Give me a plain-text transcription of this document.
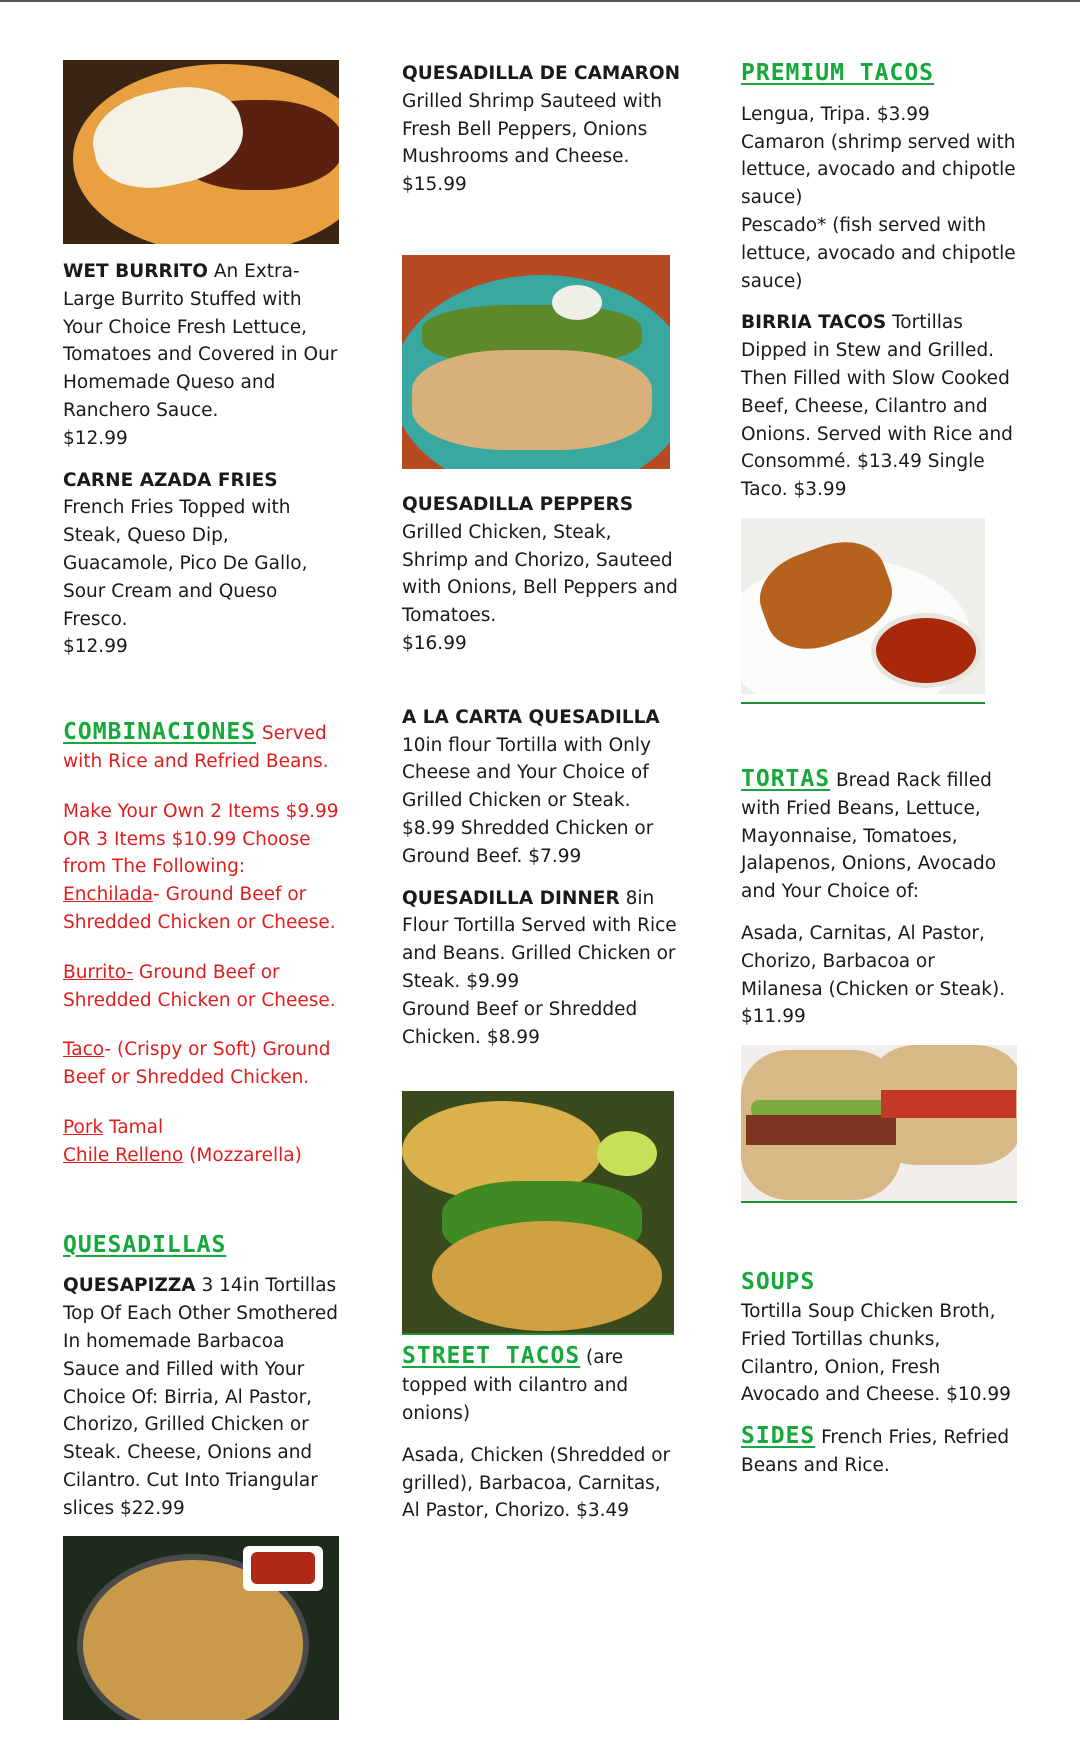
WET BURRITO An Extra-Large Burrito Stuffed with Your Choice Fresh Lettuce, Tomatoes and Covered in Our Homemade Queso and Ranchero Sauce.
$12.99

CARNE AZADA FRIES French Fries Topped with Steak, Queso Dip, Guacamole, Pico De Gallo, Sour Cream and Queso Fresco.
$12.99

COMBINACIONES Served with Rice and Refried Beans.

Make Your Own 2 Items $9.99 OR 3 Items $10.99 Choose from The Following:

Enchilada- Ground Beef or Shredded Chicken or Cheese.

Burrito- Ground Beef or Shredded Chicken or Cheese.

Taco- (Crispy or Soft) Ground Beef or Shredded Chicken.

Pork Tamal

Chile Relleno (Mozzarella)

QUESADILLAS

QUESAPIZZA 3 14in Tortillas Top Of Each Other Smothered In homemade Barbacoa Sauce and Filled with Your Choice Of: Birria, Al Pastor, Chorizo, Grilled Chicken or Steak. Cheese, Onions and Cilantro. Cut Into Triangular slices $22.99

QUESADILLA DE CAMARON
Grilled Shrimp Sauteed with Fresh Bell Peppers, Onions Mushrooms and Cheese.
$15.99

QUESADILLA PEPPERS Grilled Chicken, Steak, Shrimp and Chorizo, Sauteed with Onions, Bell Peppers and Tomatoes.
$16.99

A LA CARTA QUESADILLA 10in flour Tortilla with Only Cheese and Your Choice of Grilled Chicken or Steak. $8.99 Shredded Chicken or Ground Beef. $7.99

QUESADILLA DINNER 8in Flour Tortilla Served with Rice and Beans. Grilled Chicken or Steak. $9.99 Ground Beef or Shredded Chicken. $8.99

STREET TACOS (are topped with cilantro and onions)

Asada, Chicken (Shredded or grilled), Barbacoa, Carnitas, Al Pastor, Chorizo. $3.49

PREMIUM TACOS

Lengua, Tripa. $3.99

Camaron (shrimp served with lettuce, avocado and chipotle sauce)

Pescado* (fish served with lettuce, avocado and chipotle sauce)

BIRRIA TACOS Tortillas Dipped in Stew and Grilled. Then Filled with Slow Cooked Beef, Cheese, Cilantro and Onions. Served with Rice and Consommé. $13.49 Single Taco. $3.99

TORTAS Bread Rack filled with Fried Beans, Lettuce, Mayonnaise, Tomatoes, Jalapenos, Onions, Avocado and Your Choice of:

Asada, Carnitas, Al Pastor, Chorizo, Barbacoa or Milanesa (Chicken or Steak). $11.99

SOUPS

Tortilla Soup Chicken Broth, Fried Tortillas chunks, Cilantro, Onion, Fresh Avocado and Cheese. $10.99

SIDES French Fries, Refried Beans and Rice.
